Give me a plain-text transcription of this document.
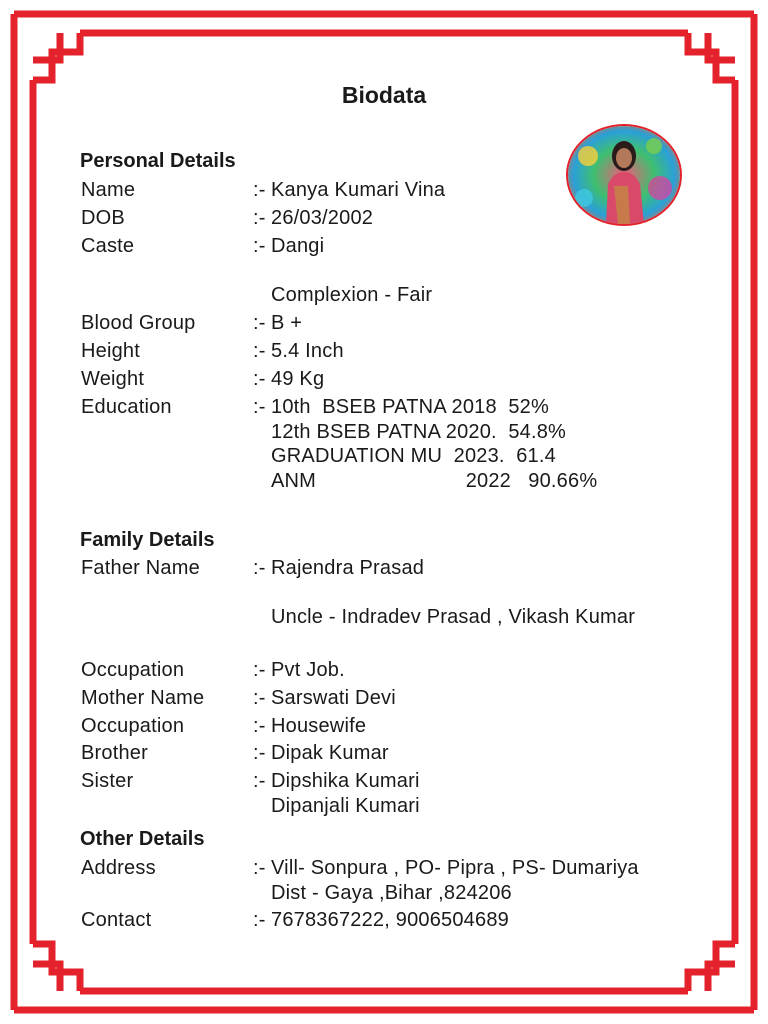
Biodata
Personal Details
Name	:- Kanya Kumari Vina
DOB	:- 26/03/2002
Caste	:- Dangi
Complexion - Fair
Blood Group	:- B +
Height	:- 5.4 Inch
Weight	:- 49 Kg
Education	:- 10th  BSEB PATNA 2018  52%
12th BSEB PATNA 2020.  54.8%
GRADUATION MU  2023.  61.4
ANM                          2022   90.66%
Family Details
Father Name	:- Rajendra Prasad
Uncle - Indradev Prasad , Vikash Kumar
Occupation	:- Pvt Job.
Mother Name :- Sarswati Devi
Occupation	:- Housewife
Brother	:- Dipak Kumar
Sister	:- Dipshika Kumari
Dipanjali Kumari
Other Details
Address	:- Vill- Sonpura , PO- Pipra , PS- Dumariya
Dist - Gaya ,Bihar ,824206
Contact	:- 7678367222, 9006504689
